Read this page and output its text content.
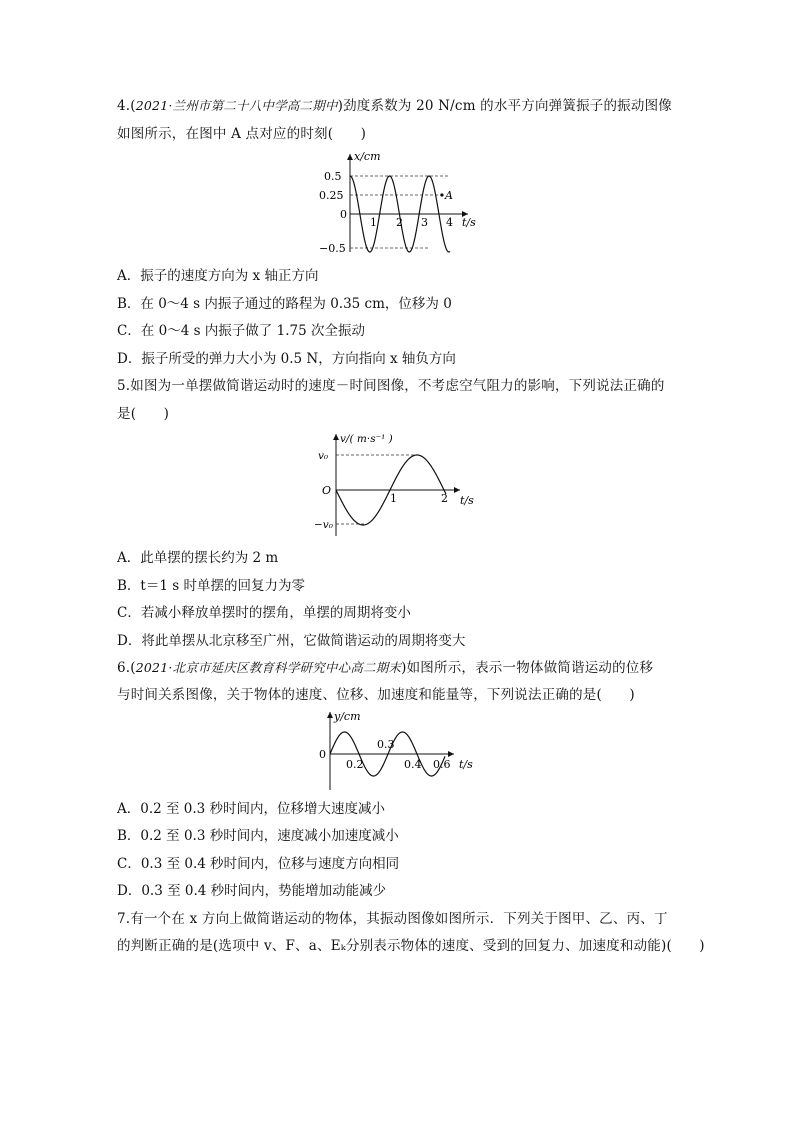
4.(2021·兰州市第二十八中学高二期中)劲度系数为 20 N/cm 的水平方向弹簧振子的振动图像
如图所示，在图中 A 点对应的时刻(　　)
x/cm
0.5
0.25
0
−0.5
1 2 3 4 t/s
A
A．振子的速度方向为 x 轴正方向
B．在 0～4 s 内振子通过的路程为 0.35 cm，位移为 0
C．在 0～4 s 内振子做了 1.75 次全振动
D．振子所受的弹力大小为 0.5 N，方向指向 x 轴负方向
5.如图为一单摆做简谐运动时的速度－时间图像，不考虑空气阻力的影响，下列说法正确的
是(　　)
v/( m·s⁻¹ )
v₀
−v₀
O
1	2 t/s
A．此单摆的摆长约为 2 m
B．t＝1 s 时单摆的回复力为零
C．若减小释放单摆时的摆角，单摆的周期将变小
D．将此单摆从北京移至广州，它做简谐运动的周期将变大
6.(2021·北京市延庆区教育科学研究中心高二期末)如图所示，表示一物体做简谐运动的位移
与时间关系图像，关于物体的速度、位移、加速度和能量等，下列说法正确的是(　　)
y/cm
0
0.2
0.3
0.4 0.6 t/s
A．0.2 至 0.3 秒时间内，位移增大速度减小
B．0.2 至 0.3 秒时间内，速度减小加速度减小
C．0.3 至 0.4 秒时间内，位移与速度方向相同
D．0.3 至 0.4 秒时间内，势能增加动能减少
7.有一个在 x 方向上做简谐运动的物体，其振动图像如图所示．下列关于图甲、乙、丙、丁
的判断正确的是(选项中 v、F、a、Eₖ分别表示物体的速度、受到的回复力、加速度和动能)(　　)
